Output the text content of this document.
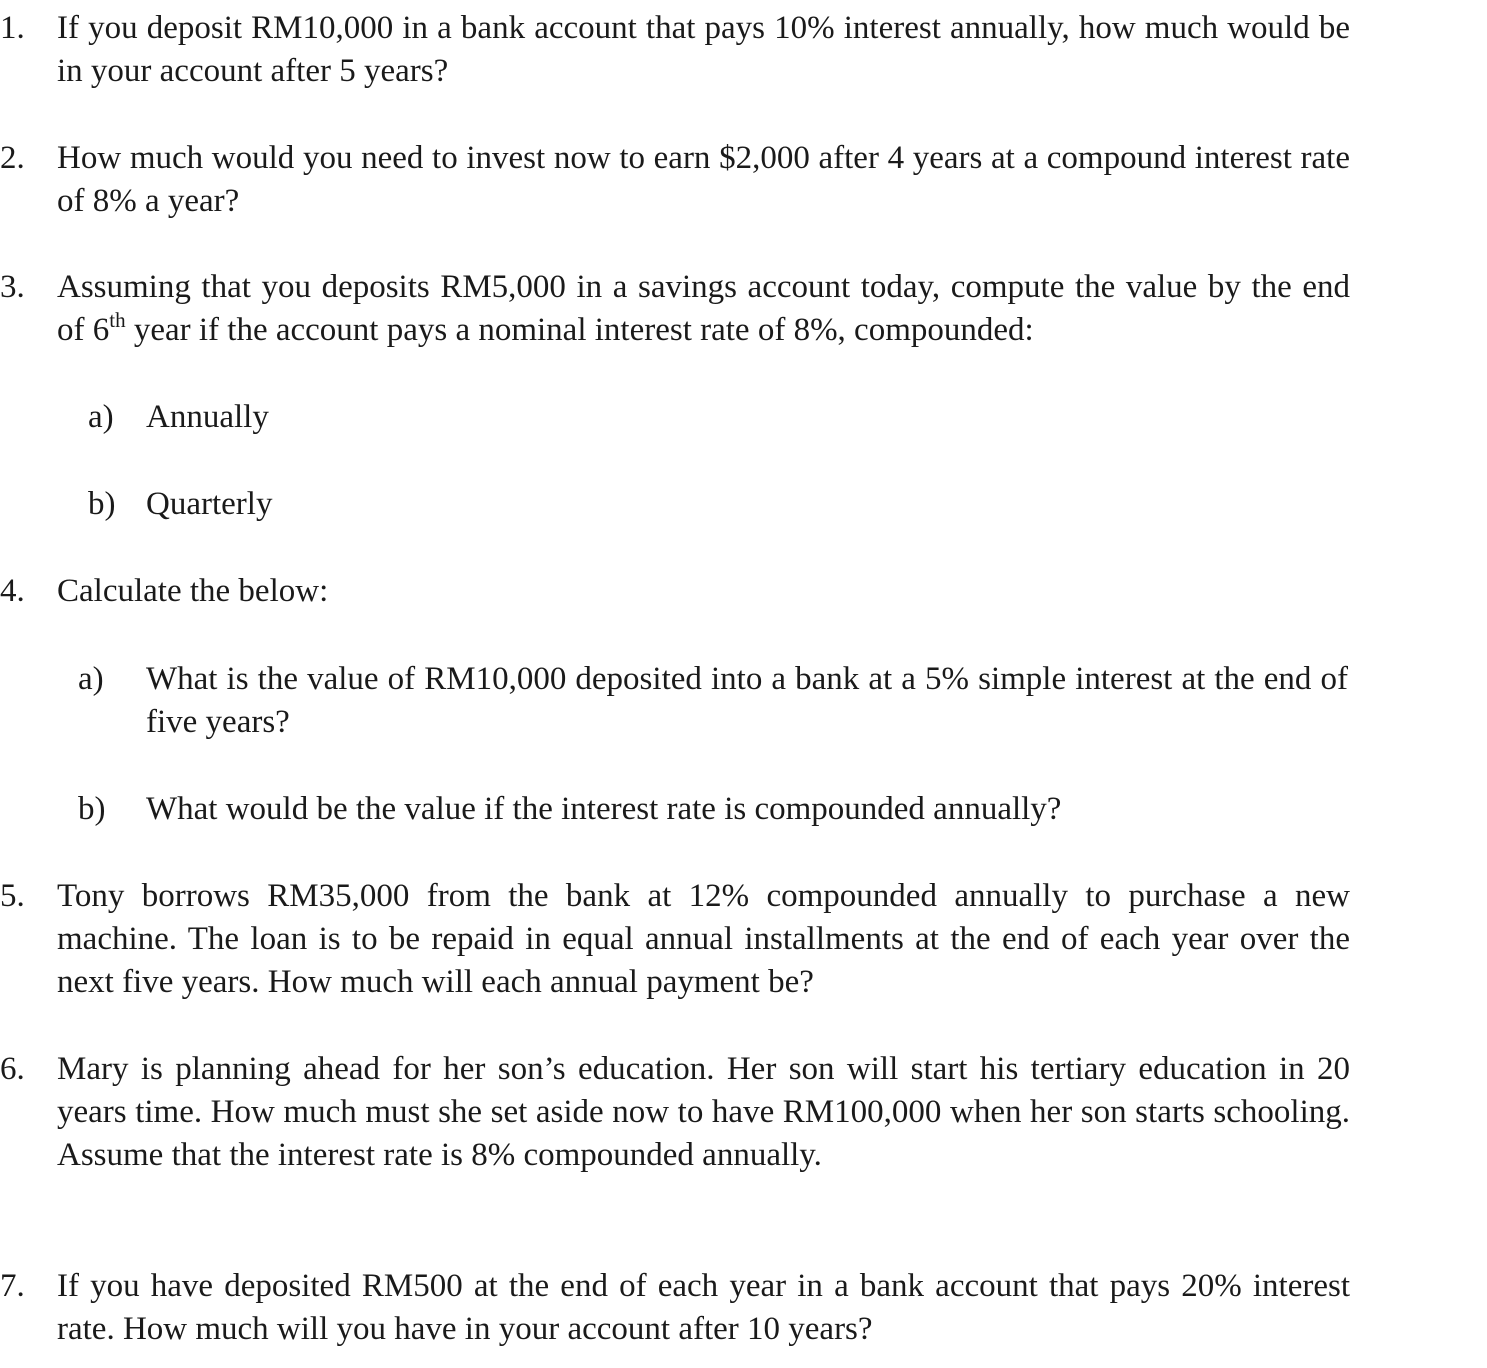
1. If you deposit RM10,000 in a bank account that pays 10% interest annually, how much would be in your account after 5 years?
2. How much would you need to invest now to earn $2,000 after 4 years at a compound interest rate of 8% a year?
3. Assuming that you deposits RM5,000 in a savings account today, compute the value by the end of 6th year if the account pays a nominal interest rate of 8%, compounded:
a) Annually
b) Quarterly
4. Calculate the below:
a) What is the value of RM10,000 deposited into a bank at a 5% simple interest at the end of five years?
b) What would be the value if the interest rate is compounded annually?
5. Tony borrows RM35,000 from the bank at 12% compounded annually to purchase a new machine. The loan is to be repaid in equal annual installments at the end of each year over the next five years. How much will each annual payment be?
6. Mary is planning ahead for her son’s education. Her son will start his tertiary education in 20 years time. How much must she set aside now to have RM100,000 when her son starts schooling. Assume that the interest rate is 8% compounded annually.
7. If you have deposited RM500 at the end of each year in a bank account that pays 20% interest rate. How much will you have in your account after 10 years?
